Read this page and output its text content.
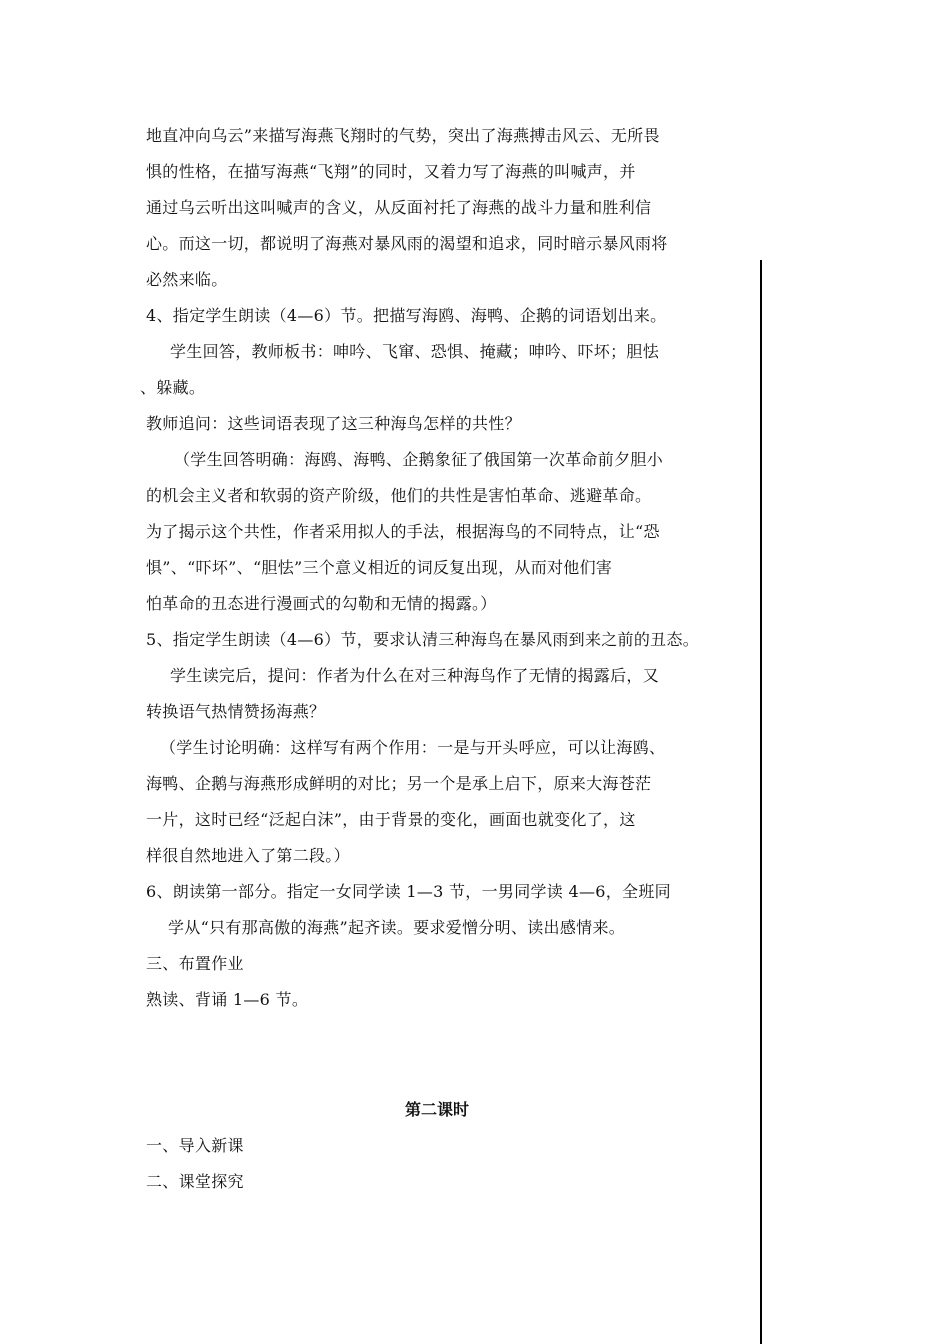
地直冲向乌云”来描写海燕飞翔时的气势，突出了海燕搏击风云、无所畏
惧的性格，在描写海燕“飞翔”的同时，又着力写了海燕的叫喊声，并
通过乌云听出这叫喊声的含义，从反面衬托了海燕的战斗力量和胜利信
心。而这一切，都说明了海燕对暴风雨的渴望和追求，同时暗示暴风雨将
必然来临。
4、指定学生朗读（4—6）节。把描写海鸥、海鸭、企鹅的词语划出来。
学生回答，教师板书：呻吟、飞窜、恐惧、掩藏；呻吟、吓坏；胆怯
、躲藏。
教师追问：这些词语表现了这三种海鸟怎样的共性？
（学生回答明确：海鸥、海鸭、企鹅象征了俄国第一次革命前夕胆小
的机会主义者和软弱的资产阶级，他们的共性是害怕革命、逃避革命。
为了揭示这个共性，作者采用拟人的手法，根据海鸟的不同特点，让“恐
惧”、“吓坏”、“胆怯”三个意义相近的词反复出现，从而对他们害
怕革命的丑态进行漫画式的勾勒和无情的揭露。）
5、指定学生朗读（4—6）节，要求认清三种海鸟在暴风雨到来之前的丑态。
学生读完后，提问：作者为什么在对三种海鸟作了无情的揭露后，又
转换语气热情赞扬海燕？
（学生讨论明确：这样写有两个作用：一是与开头呼应，可以让海鸥、
海鸭、企鹅与海燕形成鲜明的对比；另一个是承上启下，原来大海苍茫
一片，这时已经“泛起白沫”，由于背景的变化，画面也就变化了，这
样很自然地进入了第二段。）
6、朗读第一部分。指定一女同学读 1—3 节，一男同学读 4—6，全班同
学从“只有那高傲的海燕”起齐读。要求爱憎分明、读出感情来。
三、布置作业
熟读、背诵 1—6 节。
第二课时
一、导入新课
二、课堂探究
